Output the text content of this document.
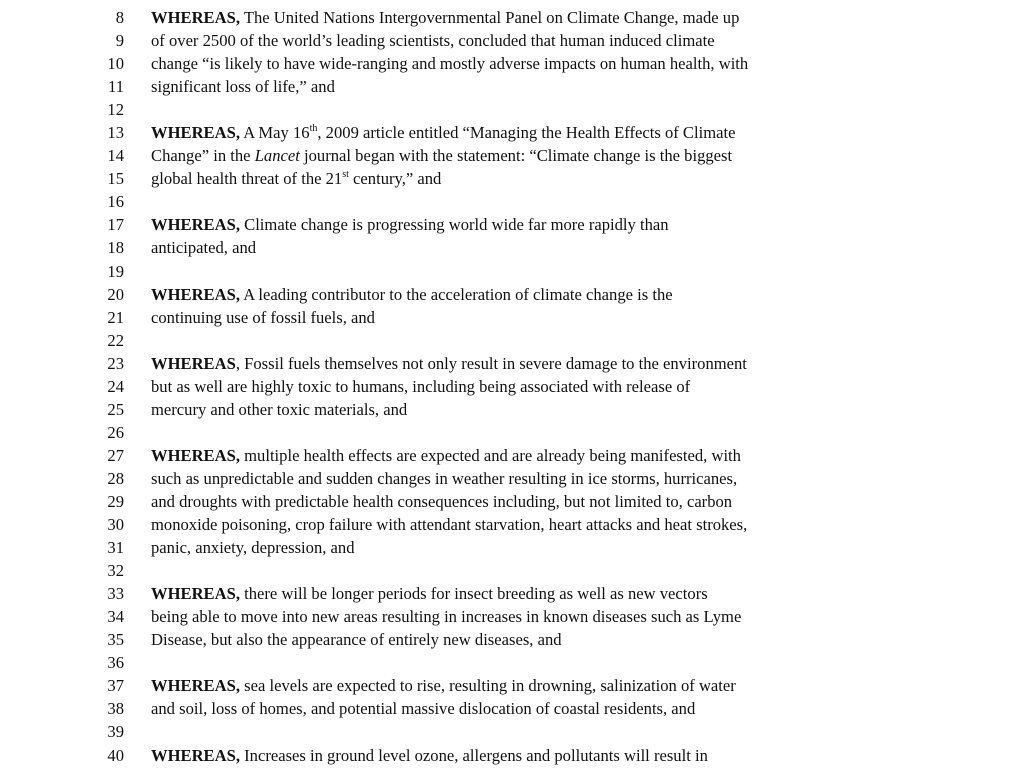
8 WHEREAS, The United Nations Intergovernmental Panel on Climate Change, made up
9 of over 2500 of the world’s leading scientists, concluded that human induced climate
10 change “is likely to have wide-ranging and mostly adverse impacts on human health, with
11 significant loss of life,” and
12
13 WHEREAS, A May 16th, 2009 article entitled “Managing the Health Effects of Climate
14 Change” in the Lancet journal began with the statement: “Climate change is the biggest
15 global health threat of the 21st century,” and
16
17 WHEREAS, Climate change is progressing world wide far more rapidly than
18 anticipated, and
19
20 WHEREAS, A leading contributor to the acceleration of climate change is the
21 continuing use of fossil fuels, and
22
23 WHEREAS, Fossil fuels themselves not only result in severe damage to the environment
24 but as well are highly toxic to humans, including being associated with release of
25 mercury and other toxic materials, and
26
27 WHEREAS, multiple health effects are expected and are already being manifested, with
28 such as unpredictable and sudden changes in weather resulting in ice storms, hurricanes,
29 and droughts with predictable health consequences including, but not limited to, carbon
30 monoxide poisoning, crop failure with attendant starvation, heart attacks and heat strokes,
31 panic, anxiety, depression, and
32
33 WHEREAS, there will be longer periods for insect breeding as well as new vectors
34 being able to move into new areas resulting in increases in known diseases such as Lyme
35 Disease, but also the appearance of entirely new diseases, and
36
37 WHEREAS, sea levels are expected to rise, resulting in drowning, salinization of water
38 and soil, loss of homes, and potential massive dislocation of coastal residents, and
39
40 WHEREAS, Increases in ground level ozone, allergens and pollutants will result in
